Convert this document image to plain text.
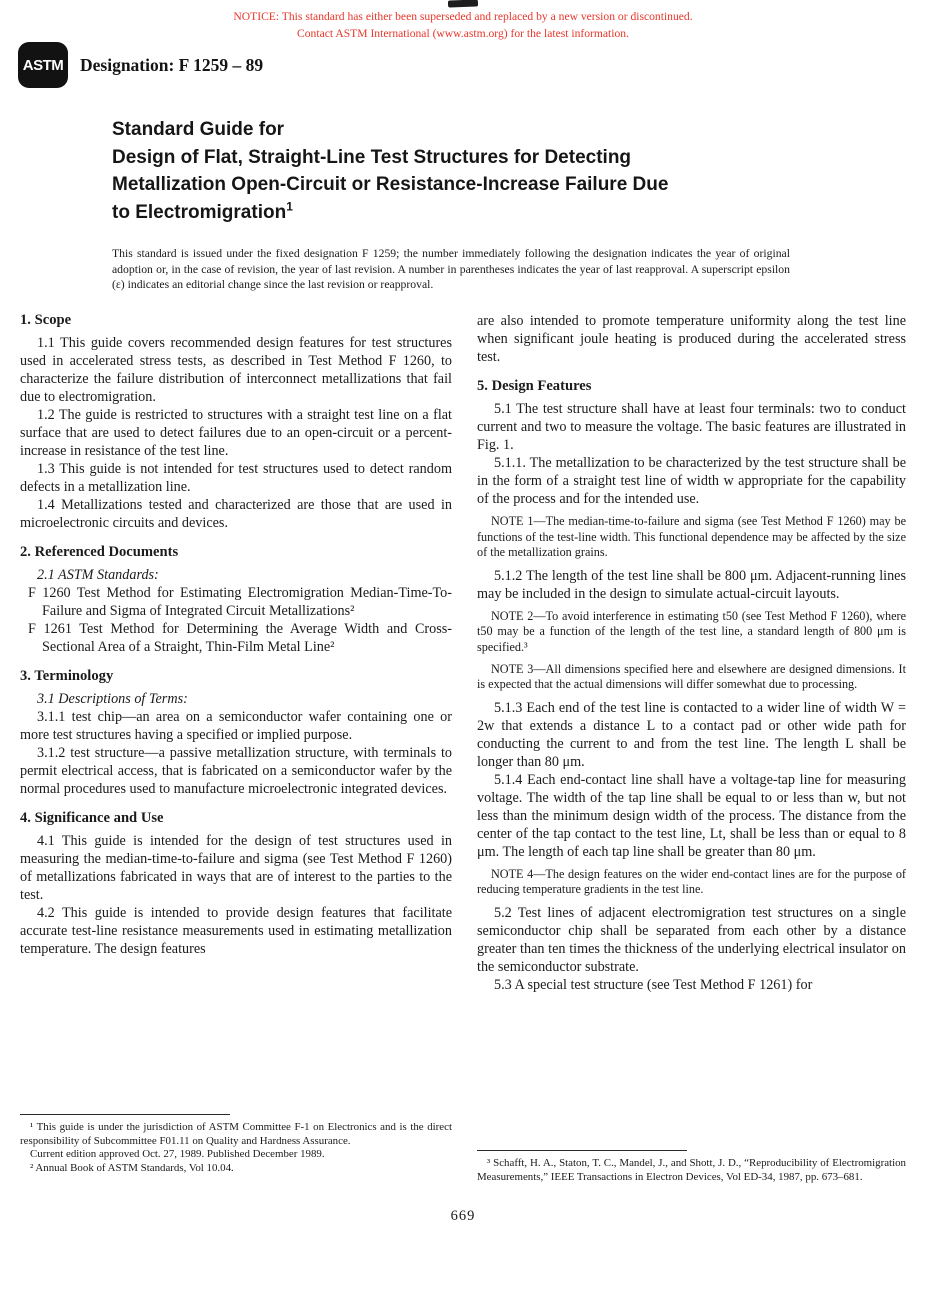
NOTICE: This standard has either been superseded and replaced by a new version or discontinued.
Contact ASTM International (www.astm.org) for the latest information.
ASTM Designation: F 1259 – 89
Standard Guide for
Design of Flat, Straight-Line Test Structures for Detecting
Metallization Open-Circuit or Resistance-Increase Failure Due
to Electromigration$^1$

This standard is issued under the fixed designation F 1259; the number immediately following the designation indicates the year of original adoption or, in the case of revision, the year of last revision. A number in parentheses indicates the year of last reapproval. A superscript epsilon (ε) indicates an editorial change since the last revision or reapproval.

1. Scope

1.1 This guide covers recommended design features for test structures used in accelerated stress tests, as described in Test Method F 1260, to characterize the failure distribution of interconnect metallizations that fail due to electromigration.

1.2 The guide is restricted to structures with a straight test line on a flat surface that are used to detect failures due to an open-circuit or a percent-increase in resistance of the test line.

1.3 This guide is not intended for test structures used to detect random defects in a metallization line.

1.4 Metallizations tested and characterized are those that are used in microelectronic circuits and devices.

2. Referenced Documents

2.1 ASTM Standards:

F 1260 Test Method for Estimating Electromigration Median-Time-To-Failure and Sigma of Integrated Circuit Metallizations²

F 1261 Test Method for Determining the Average Width and Cross-Sectional Area of a Straight, Thin-Film Metal Line²

3. Terminology

3.1 Descriptions of Terms:

3.1.1 test chip—an area on a semiconductor wafer containing one or more test structures having a specified or implied purpose.

3.1.2 test structure—a passive metallization structure, with terminals to permit electrical access, that is fabricated on a semiconductor wafer by the normal procedures used to manufacture microelectronic integrated devices.

4. Significance and Use

4.1 This guide is intended for the design of test structures used in measuring the median-time-to-failure and sigma (see Test Method F 1260) of metallizations fabricated in ways that are of interest to the parties to the test.

4.2 This guide is intended to provide design features that facilitate accurate test-line resistance measurements used in estimating metallization temperature. The design features

are also intended to promote temperature uniformity along the test line when significant joule heating is produced during the accelerated stress test.

5. Design Features

5.1 The test structure shall have at least four terminals: two to conduct current and two to measure the voltage. The basic features are illustrated in Fig. 1.

5.1.1. The metallization to be characterized by the test structure shall be in the form of a straight test line of width w appropriate for the capability of the process and for the intended use.

NOTE 1—The median-time-to-failure and sigma (see Test Method F 1260) may be functions of the test-line width. This functional dependence may be affected by the size of the metallization grains.

5.1.2 The length of the test line shall be 800 μm. Adjacent-running lines may be included in the design to simulate actual-circuit layouts.

NOTE 2—To avoid interference in estimating t50 (see Test Method F 1260), where t50 may be a function of the length of the test line, a standard length of 800 μm is specified.³

NOTE 3—All dimensions specified here and elsewhere are designed dimensions. It is expected that the actual dimensions will differ somewhat due to processing.

5.1.3 Each end of the test line is contacted to a wider line of width W = 2w that extends a distance L to a contact pad or other wide path for conducting the current to and from the test line. The length L shall be longer than 80 μm.

5.1.4 Each end-contact line shall have a voltage-tap line for measuring voltage. The width of the tap line shall be equal to or less than w, but not less than the minimum design width of the process. The distance from the center of the tap contact to the test line, Lt, shall be less than or equal to 8 μm. The length of each tap line shall be greater than 80 μm.

NOTE 4—The design features on the wider end-contact lines are for the purpose of reducing temperature gradients in the test line.

5.2 Test lines of adjacent electromigration test structures on a single semiconductor chip shall be separated from each other by a distance greater than ten times the thickness of the underlying electrical insulator on the semiconductor substrate.

5.3 A special test structure (see Test Method F 1261) for

¹ This guide is under the jurisdiction of ASTM Committee F-1 on Electronics and is the direct responsibility of Subcommittee F01.11 on Quality and Hardness Assurance.

Current edition approved Oct. 27, 1989. Published December 1989.

² Annual Book of ASTM Standards, Vol 10.04.	³ Schafft, H. A., Staton, T. C., Mandel, J., and Shott, J. D., “Reproducibility of Electromigration Measurements,” IEEE Transactions in Electron Devices, Vol ED-34, 1987, pp. 673–681.

669
